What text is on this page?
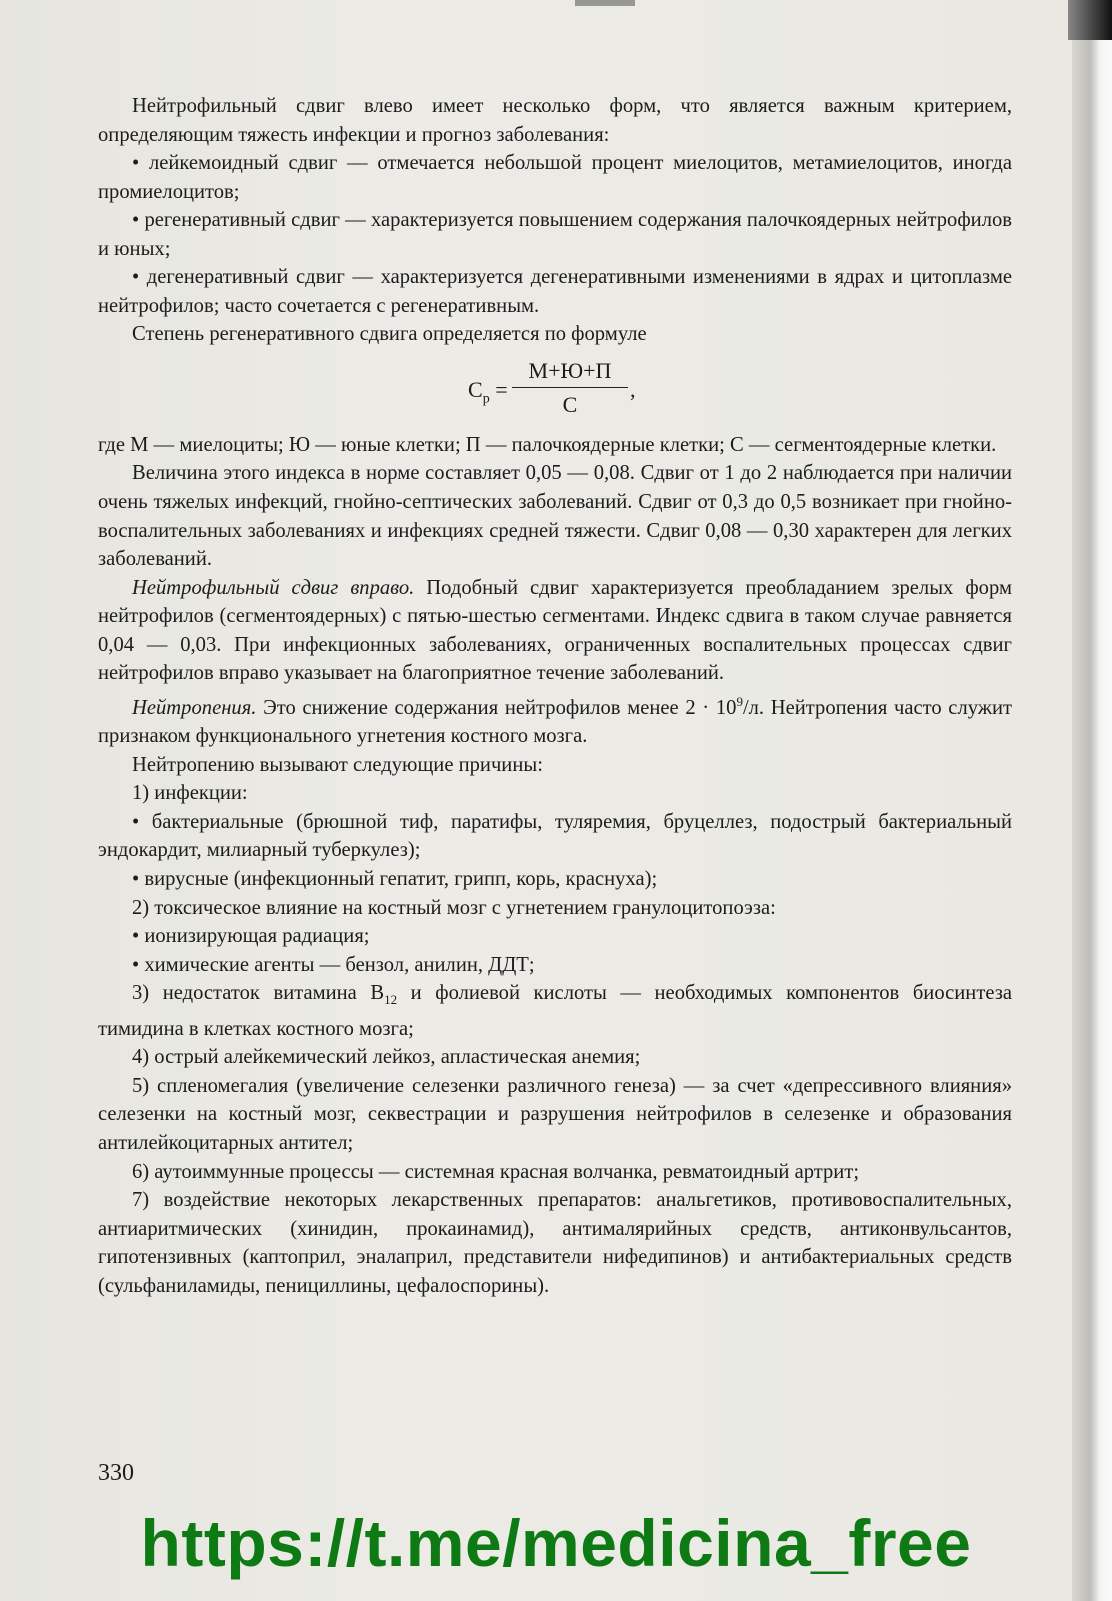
Нейтрофильный сдвиг влево имеет несколько форм, что является важным критерием, определяющим тяжесть инфекции и прогноз заболевания:

• лейкемоидный сдвиг — отмечается небольшой процент миелоцитов, метамиелоцитов, иногда промиелоцитов;

• регенеративный сдвиг — характеризуется повышением содержания палочкоядерных нейтрофилов и юных;

• дегенеративный сдвиг — характеризуется дегенеративными изменениями в ядрах и цитоплазме нейтрофилов; часто сочетается с регенеративным.

Степень регенеративного сдвига определяется по формуле

$С_р$ =
М+Ю+П
С
,

где М — миелоциты; Ю — юные клетки; П — палочкоядерные клетки; С — сегментоядерные клетки.

Величина этого индекса в норме составляет 0,05 — 0,08. Сдвиг от 1 до 2 наблюдается при наличии очень тяжелых инфекций, гнойно-септических заболеваний. Сдвиг от 0,3 до 0,5 возникает при гнойно-воспалительных заболеваниях и инфекциях средней тяжести. Сдвиг 0,08 — 0,30 характерен для легких заболеваний.

Нейтрофильный сдвиг вправо. Подобный сдвиг характеризуется преобладанием зрелых форм нейтрофилов (сегментоядерных) с пятью-шестью сегментами. Индекс сдвига в таком случае равняется 0,04 — 0,03. При инфекционных заболеваниях, ограниченных воспалительных процессах сдвиг нейтрофилов вправо указывает на благоприятное течение заболеваний.

Нейтропения. Это снижение содержания нейтрофилов менее $2 \cdot 10^9/л$. Нейтропения часто служит признаком функционального угнетения костного мозга.

Нейтропению вызывают следующие причины:

1) инфекции:

• бактериальные (брюшной тиф, паратифы, туляремия, бруцеллез, подострый бактериальный эндокардит, милиарный туберкулез);

• вирусные (инфекционный гепатит, грипп, корь, краснуха);

2) токсическое влияние на костный мозг с угнетением гранулоцитопоэза:

• ионизирующая радиация;

• химические агенты — бензол, анилин, ДДТ;

3) недостаток витамина $В_{12}$ и фолиевой кислоты — необходимых компонентов биосинтеза тимидина в клетках костного мозга;

4) острый алейкемический лейкоз, апластическая анемия;

5) спленомегалия (увеличение селезенки различного генеза) — за счет «депрессивного влияния» селезенки на костный мозг, секвестрации и разрушения нейтрофилов в селезенке и образования антилейкоцитарных антител;

6) аутоиммунные процессы — системная красная волчанка, ревматоидный артрит;

7) воздействие некоторых лекарственных препаратов: анальгетиков, противовоспалительных, антиаритмических (хинидин, прокаинамид), антималярийных средств, антиконвульсантов, гипотензивных (каптоприл, эналаприл, представители нифедипинов) и антибактериальных средств (сульфаниламиды, пенициллины, цефалоспорины).

330
https://t.me/medicina_free
